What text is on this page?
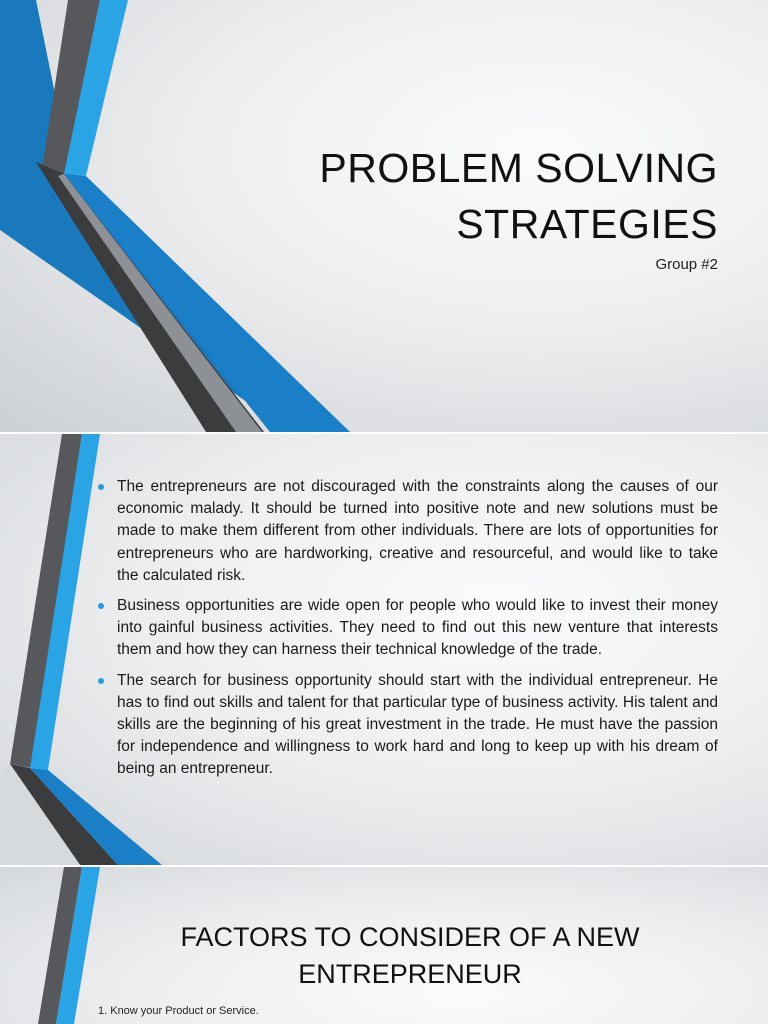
PROBLEM SOLVING STRATEGIES

Group #2

The entrepreneurs are not discouraged with the constraints along the causes of our economic malady. It should be turned into positive note and new solutions must be made to make them different from other individuals. There are lots of opportunities for entrepreneurs who are hardworking, creative and resourceful, and would like to take the calculated risk.
Business opportunities are wide open for people who would like to invest their money into gainful business activities. They need to find out this new venture that interests them and how they can harness their technical knowledge of the trade.
The search for business opportunity should start with the individual entrepreneur. He has to find out skills and talent for that particular type of business activity. His talent and skills are the beginning of his great investment in the trade. He must have the passion for independence and willingness to work hard and long to keep up with his dream of being an entrepreneur.
FACTORS TO CONSIDER OF A NEW ENTREPRENEUR

1. Know your Product or Service.
